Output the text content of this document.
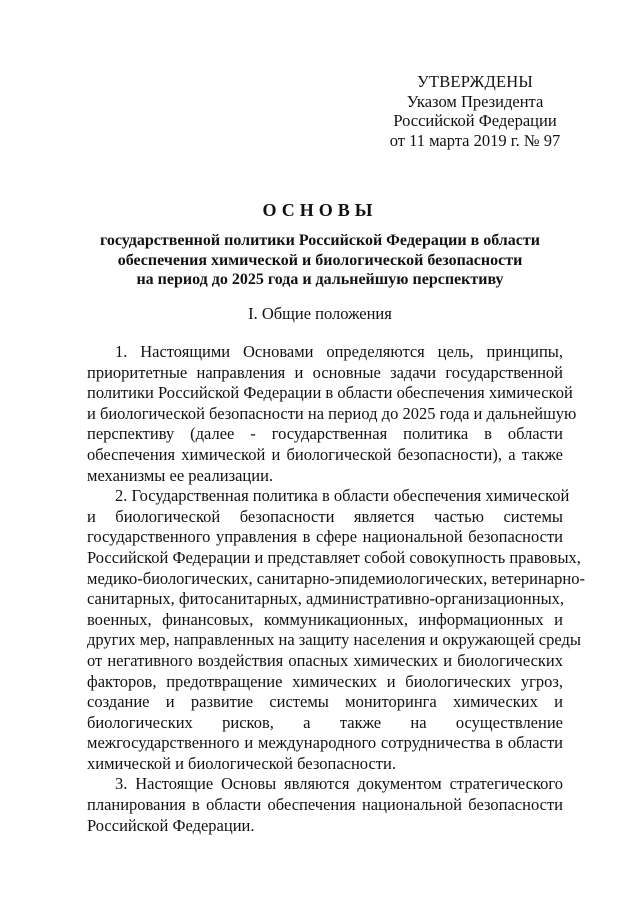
УТВЕРЖДЕНЫ
Указом Президента
Российской Федерации
от 11 марта 2019 г. № 97
ОСНОВЫ
государственной политики Российской Федерации в области
обеспечения химической и биологической безопасности
на период до 2025 года и дальнейшую перспективу
I. Общие положения
1. Настоящими Основами определяются цель, принципы,
приоритетные направления и основные задачи государственной
политики Российской Федерации в области обеспечения химической
и биологической безопасности на период до 2025 года и дальнейшую
перспективу (далее - государственная политика в области
обеспечения химической и биологической безопасности), а также
механизмы ее реализации.
2. Государственная политика в области обеспечения химической
и биологической безопасности является частью системы
государственного управления в сфере национальной безопасности
Российской Федерации и представляет собой совокупность правовых,
медико-биологических, санитарно-эпидемиологических, ветеринарно-
санитарных, фитосанитарных, административно-организационных,
военных, финансовых, коммуникационных, информационных и
других мер, направленных на защиту населения и окружающей среды
от негативного воздействия опасных химических и биологических
факторов, предотвращение химических и биологических угроз,
создание и развитие системы мониторинга химических и
биологических рисков, а также на осуществление
межгосударственного и международного сотрудничества в области
химической и биологической безопасности.
3. Настоящие Основы являются документом стратегического
планирования в области обеспечения национальной безопасности
Российской Федерации.
